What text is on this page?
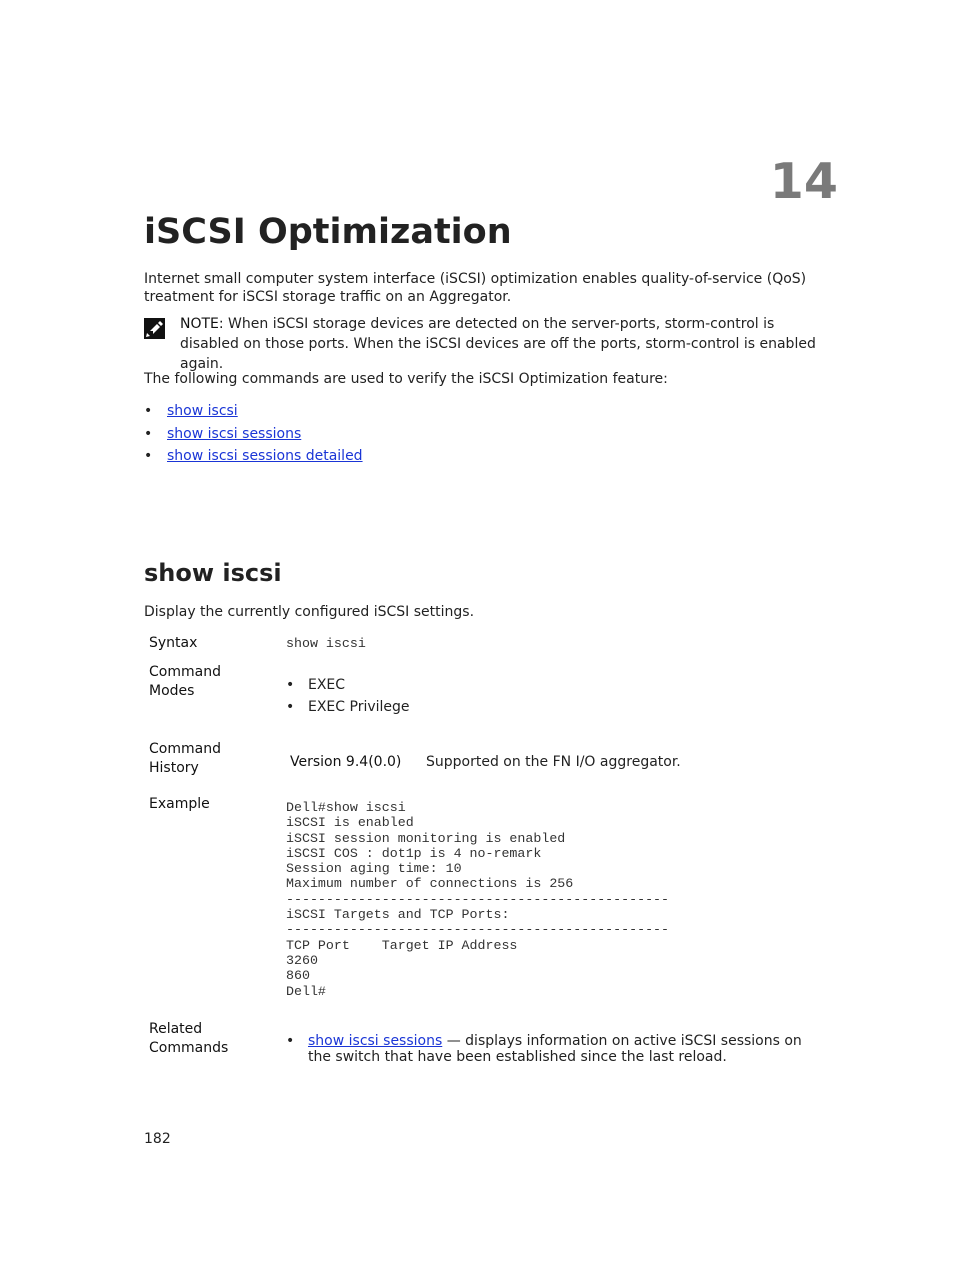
14
iSCSI Optimization
Internet small computer system interface (iSCSI) optimization enables quality-of-service (QoS) treatment for iSCSI storage traffic on an Aggregator.
NOTE: When iSCSI storage devices are detected on the server-ports, storm-control is disabled on those ports. When the iSCSI devices are off the ports, storm-control is enabled again.
The following commands are used to verify the iSCSI Optimization feature:
• show iscsi
• show iscsi sessions
• show iscsi sessions detailed
show iscsi
Display the currently configured iSCSI settings.
Syntax	show iscsi
Command
Modes	• EXEC
• EXEC Privilege
Command
History	Version 9.4(0.0) Supported on the FN I/O aggregator.
Example	Dell#show iscsi
iSCSI is enabled
iSCSI session monitoring is enabled
iSCSI COS : dot1p is 4 no-remark
Session aging time: 10
Maximum number of connections is 256
------------------------------------------------
iSCSI Targets and TCP Ports:
------------------------------------------------
TCP Port    Target IP Address
3260
860
Dell#
Related
Commands	• show iscsi sessions — displays information on active iSCSI sessions on the switch that have been established since the last reload.
182
